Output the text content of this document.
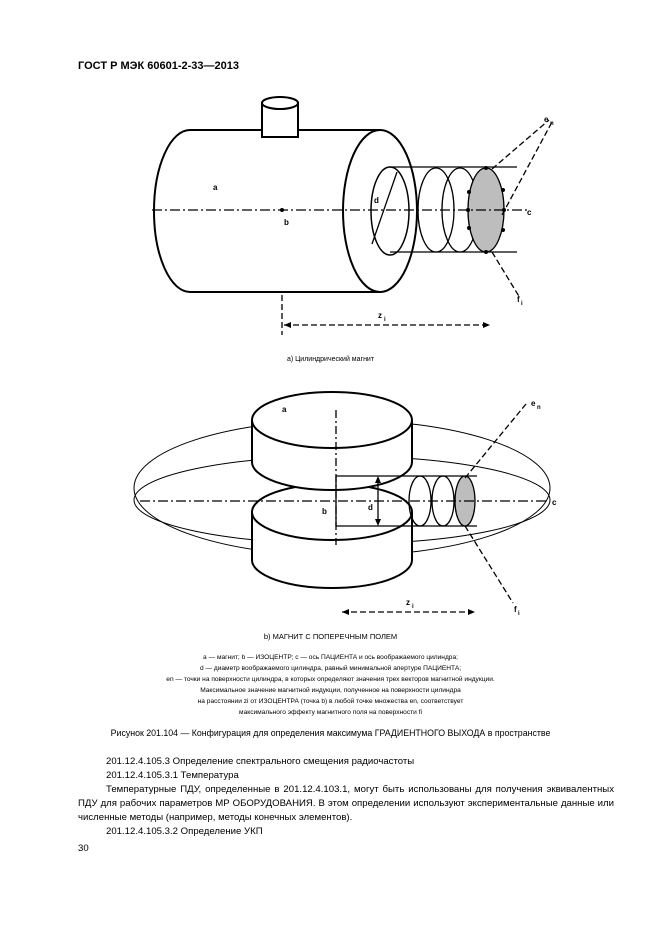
ГОСТ Р МЭК 60601-2-33—2013
a
b
c
d
e n
f i
z i
а) Цилиндрический магнит
a
b
c
d
e n
f i
z i
b) МАГНИТ С ПОПЕРЕЧНЫМ ПОЛЕМ
a — магнит; b — ИЗОЦЕНТР; c — ось ПАЦИЕНТА и ось воображаемого цилиндра;
d — диаметр воображаемого цилиндра, равный минимальной апертуре ПАЦИЕНТА;
en — точки на поверхности цилиндра, в которых определяют значения трех векторов магнитной индукции.
Максимальное значение магнитной индукции, полученное на поверхности цилиндра
на расстоянии zi от ИЗОЦЕНТРА (точка b) в любой точке множества en, соответствует
максимального эффекту магнитного поля на поверхности fi
Рисунок 201.104 — Конфигурация для определения максимума ГРАДИЕНТНОГО ВЫХОДА в пространстве

201.12.4.105.3 Определение спектрального смещения радиочастоты

201.12.4.105.3.1 Температура

Температурные ПДУ, определенные в 201.12.4.103.1, могут быть использованы для получения эквивалентных ПДУ для рабочих параметров МР ОБОРУДОВАНИЯ. В этом определении используют экспериментальные данные или численные методы (например, методы конечных элементов).

201.12.4.105.3.2 Определение УКП

30
